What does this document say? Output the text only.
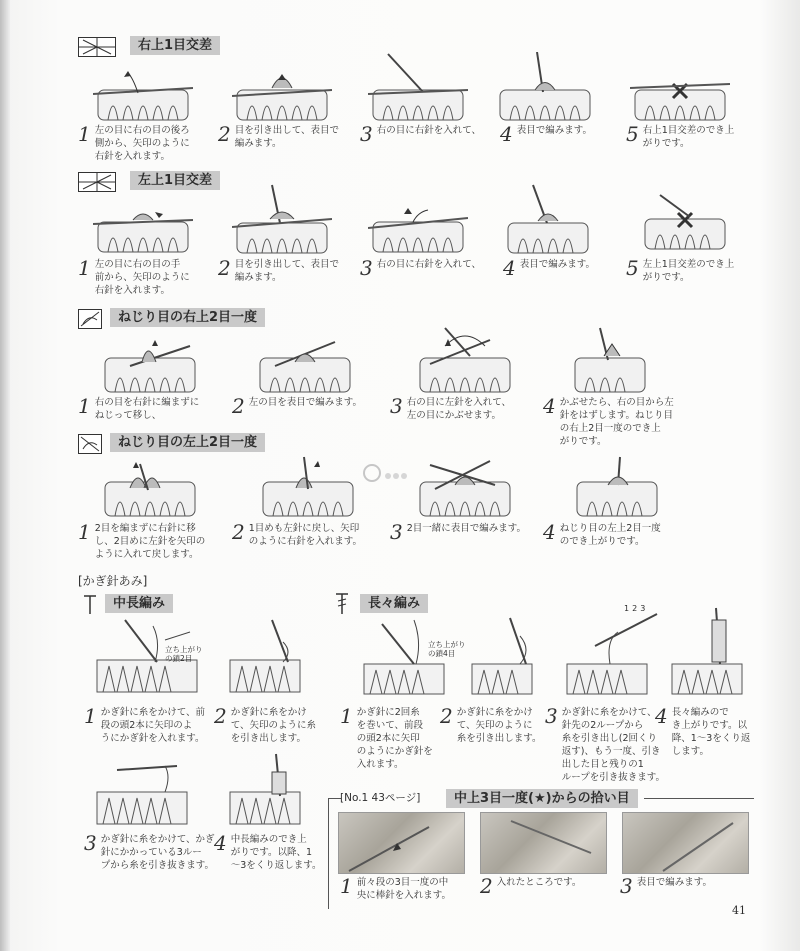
右上1目交差
1 左の目に右の目の後ろ
側から、矢印のように
右針を入れます。
2 目を引き出して、表目で
編みます。	3 右の目に右針を入れて、 4 表目で編みます。 5 右上1目交差のでき上
がりです。
左上1目交差
1 左の目に右の目の手
前から、矢印のように
右針を入れます。
2 目を引き出して、表目で
編みます。	3 右の目に右針を入れて、 4 表目で編みます。 5 左上1目交差のでき上
がりです。
ねじり目の右上2目一度
1 右の目を右針に編まずに
ねじって移し、	2 左の目を表目で編みます。 3 右の目に左針を入れて、
左の目にかぶせます。	4 かぶせたら、右の目から左
針をはずします。ねじり目
の右上2目一度のでき上
がりです。
ねじり目の左上2目一度
1 2目を編まずに右針に移
し、2目めに左針を矢印の
ように入れて戻します。
2 1目めも左針に戻し、矢印
のように右針を入れます。 3 2目一緒に表目で編みます。 4 ねじり目の左上2目一度
のでき上がりです。
[かぎ針あみ]
中長編み	長々編み
立ち上がり
の鎖2目
1 かぎ針に糸をかけて、前
段の頭2本に矢印のよ
うにかぎ針を入れます。
2 かぎ針に糸をかけ
て、矢印のように糸
を引き出します。
3 かぎ針に糸をかけて、かぎ
針にかかっている3ルー
プから糸を引き抜きます。
4 中長編みのでき上
がりです。以降、1
～3をくり返します。
立ち上がり
の鎖4目
123
1 かぎ針に2回糸
を巻いて、前段
の頭2本に矢印
のようにかぎ針を
入れます。
2 かぎ針に糸をかけ
て、矢印のように
糸を引き出します。
3 かぎ針に糸をかけて、
針先の2ループから
糸を引き出し(2回くり
返す)、もう一度、引き
出した目と残りの1
ループを引き抜きます。
4 長々編みので
き上がりです。以
降、1～3をくり返
します。
[No.1 43ページ]	中上3目一度(★)からの拾い目
1 前々段の3目一度の中
央に棒針を入れます。 2 入れたところです。 3 表目で編みます。
41
